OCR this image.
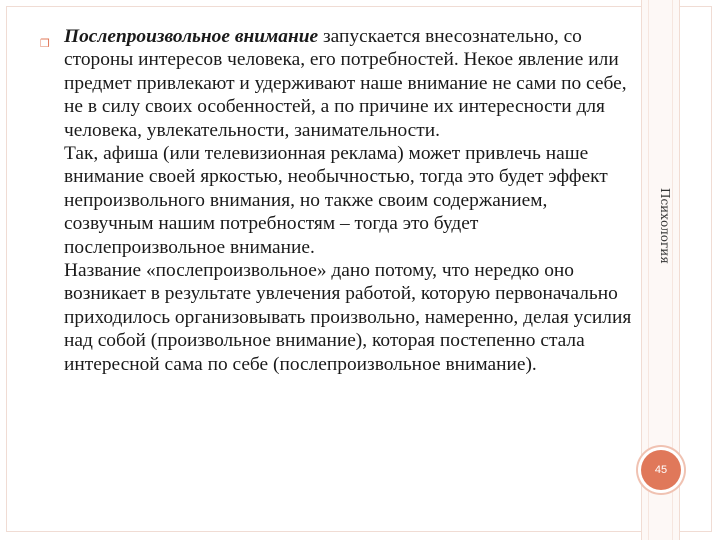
Психология
45
❒ Послепроизвольное внимание запускается внесознательно, со стороны интересов человека, его потребностей. Некое явление или предмет привлекают и удерживают наше внимание не сами по себе, не в силу своих особенностей, а по причине их интересности для человека, увлекательности, занимательности.

Так, афиша (или телевизионная реклама) может привлечь наше внимание своей яркостью, необычностью, тогда это будет эффект непроизвольного внимания, но также своим содержанием, созвучным нашим потребностям – тогда это будет послепроизвольное внимание.

Название «послепроизвольное» дано потому, что нередко оно возникает в результате увлечения работой, которую первоначально приходилось организовывать произвольно, намеренно, делая усилия над собой (произвольное внимание), которая постепенно стала интересной сама по себе (послепроизвольное внимание).
